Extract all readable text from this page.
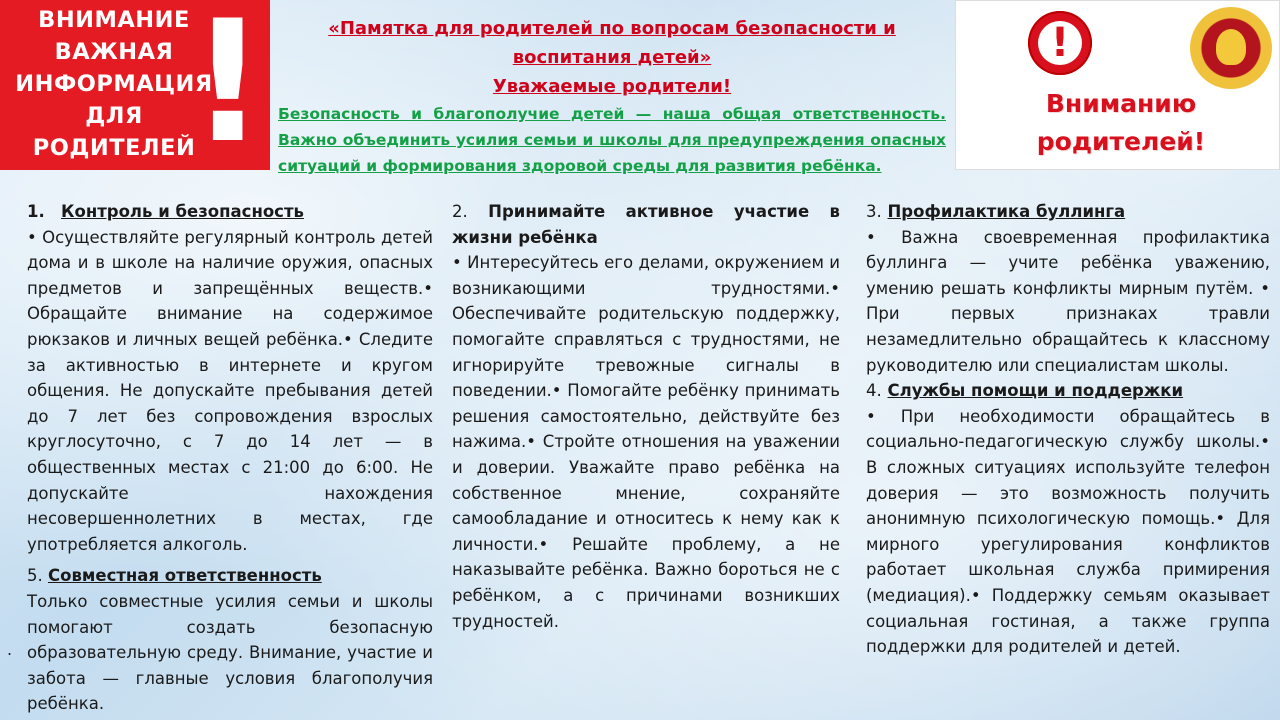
ВНИМАНИЕ
ВАЖНАЯ
ИНФОРМАЦИЯ
ДЛЯ
РОДИТЕЛЕЙ
!	«Памятка для родителей по вопросам безопасности и
воспитания детей»
Уважаемые родители!
Безопасность и благополучие детей — наша общая ответственность. Важно объединить усилия семьи и школы для предупреждения опасных ситуаций и формирования здоровой среды для развития ребёнка.
!
Вниманию
родителей!
1. Контроль и безопасность

• Осуществляйте регулярный контроль детей дома и в школе на наличие оружия, опасных предметов и запрещённых веществ.• Обращайте внимание на содержимое рюкзаков и личных вещей ребёнка.• Следите за активностью в интернете и кругом общения. Не допускайте пребывания детей до 7 лет без сопровождения взрослых круглосуточно, с 7 до 14 лет — в общественных местах с 21:00 до 6:00. Не допускайте нахождения несовершеннолетних в местах, где употребляется алкоголь.

5. Совместная ответственность

Только совместные усилия семьи и школы помогают создать безопасную образовательную среду. Внимание, участие и забота — главные условия благополучия ребёнка.

.
2. Принимайте активное участие в жизни ребёнка

• Интересуйтесь его делами, окружением и возникающими трудностями.• Обеспечивайте родительскую поддержку, помогайте справляться с трудностями, не игнорируйте тревожные сигналы в поведении.• Помогайте ребёнку принимать решения самостоятельно, действуйте без нажима.• Стройте отношения на уважении и доверии. Уважайте право ребёнка на собственное мнение, сохраняйте самообладание и относитесь к нему как к личности.• Решайте проблему, а не наказывайте ребёнка. Важно бороться не с ребёнком, а с причинами возникших трудностей.

3. Профилактика буллинга

• Важна своевременная профилактика буллинга — учите ребёнка уважению, умению решать конфликты мирным путём. • При первых признаках травли незамедлительно обращайтесь к классному руководителю или специалистам школы.

4. Службы помощи и поддержки

• При необходимости обращайтесь в социально-педагогическую службу школы.• В сложных ситуациях используйте телефон доверия — это возможность получить анонимную психологическую помощь.• Для мирного урегулирования конфликтов работает школьная служба примирения (медиация).• Поддержку семьям оказывает социальная гостиная, а также группа поддержки для родителей и детей.
